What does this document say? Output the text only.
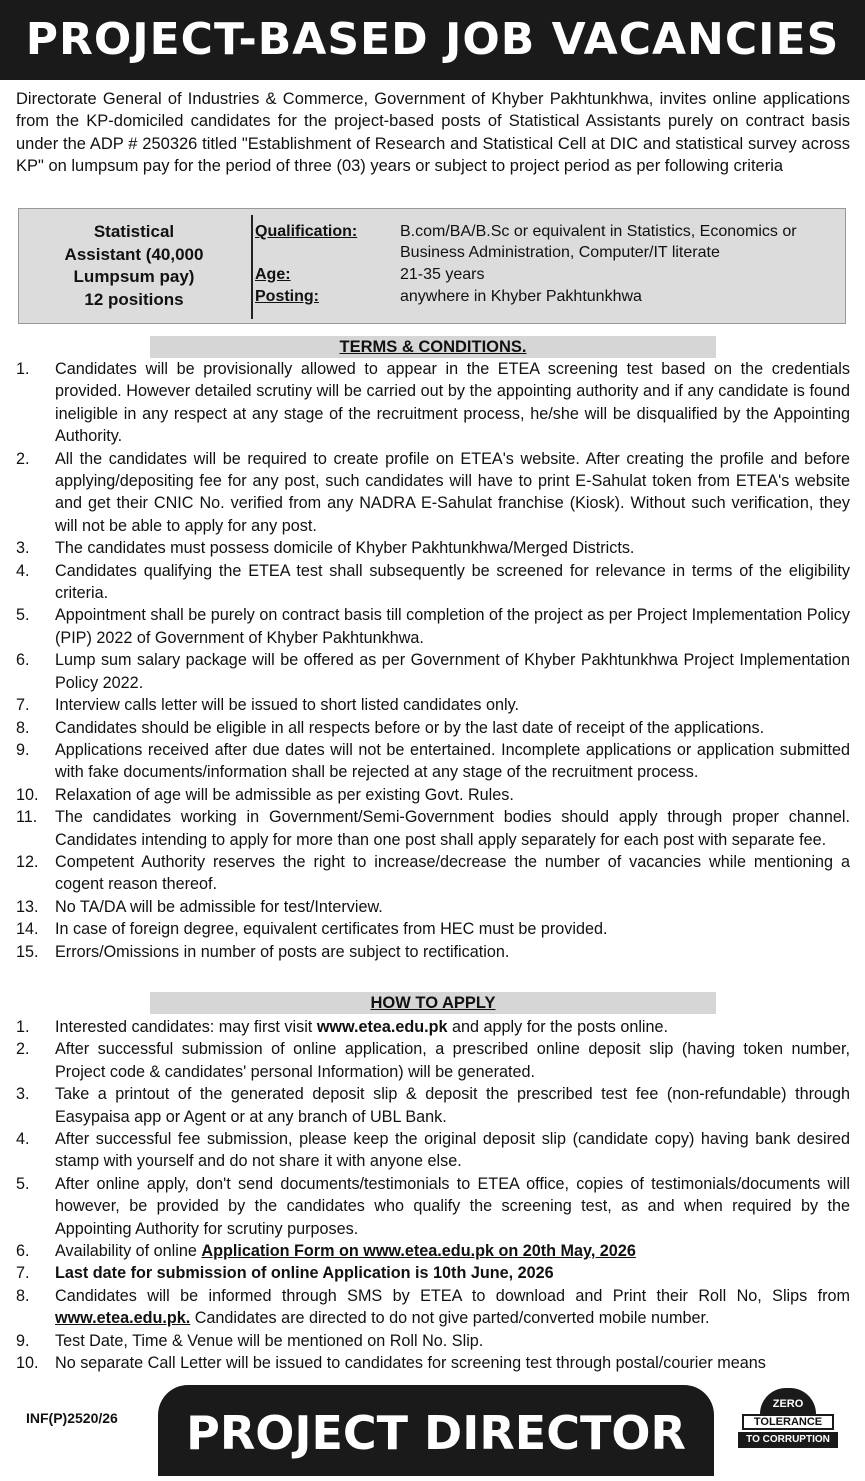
PROJECT-BASED JOB VACANCIES

Directorate General of Industries & Commerce, Government of Khyber Pakhtunkhwa, invites online applications from the KP-domiciled candidates for the project-based posts of Statistical Assistants purely on contract basis under the ADP # 250326 titled "Establishment of Research and Statistical Cell at DIC and statistical survey across KP" on lumpsum pay for the period of three (03) years or subject to project period as per following criteria

Statistical
Assistant (40,000
Lumpsum pay)
12 positions
Qualification:	B.com/BA/B.Sc or equivalent in Statistics, Economics or Business Administration, Computer/IT literate
Age:	21-35 years
Posting:	anywhere in Khyber Pakhtunkhwa
TERMS & CONDITIONS.
1. Candidates will be provisionally allowed to appear in the ETEA screening test based on the credentials provided. However detailed scrutiny will be carried out by the appointing authority and if any candidate is found ineligible in any respect at any stage of the recruitment process, he/she will be disqualified by the Appointing Authority.
2. All the candidates will be required to create profile on ETEA's website. After creating the profile and before applying/depositing fee for any post, such candidates will have to print E-Sahulat token from ETEA's website and get their CNIC No. verified from any NADRA E-Sahulat franchise (Kiosk). Without such verification, they will not be able to apply for any post.
3. The candidates must possess domicile of Khyber Pakhtunkhwa/Merged Districts.
4. Candidates qualifying the ETEA test shall subsequently be screened for relevance in terms of the eligibility criteria.
5. Appointment shall be purely on contract basis till completion of the project as per Project Implementation Policy (PIP) 2022 of Government of Khyber Pakhtunkhwa.
6. Lump sum salary package will be offered as per Government of Khyber Pakhtunkhwa Project Implementation Policy 2022.
7. Interview calls letter will be issued to short listed candidates only.
8. Candidates should be eligible in all respects before or by the last date of receipt of the applications.
9. Applications received after due dates will not be entertained. Incomplete applications or application submitted with fake documents/information shall be rejected at any stage of the recruitment process.
10. Relaxation of age will be admissible as per existing Govt. Rules.
11. The candidates working in Government/Semi-Government bodies should apply through proper channel. Candidates intending to apply for more than one post shall apply separately for each post with separate fee.
12. Competent Authority reserves the right to increase/decrease the number of vacancies while mentioning a cogent reason thereof.
13. No TA/DA will be admissible for test/Interview.
14. In case of foreign degree, equivalent certificates from HEC must be provided.
15. Errors/Omissions in number of posts are subject to rectification.
HOW TO APPLY
1. Interested candidates: may first visit www.etea.edu.pk and apply for the posts online.
2. After successful submission of online application, a prescribed online deposit slip (having token number, Project code & candidates' personal Information) will be generated.
3. Take a printout of the generated deposit slip & deposit the prescribed test fee (non-refundable) through Easypaisa app or Agent or at any branch of UBL Bank.
4. After successful fee submission, please keep the original deposit slip (candidate copy) having bank desired stamp with yourself and do not share it with anyone else.
5. After online apply, don't send documents/testimonials to ETEA office, copies of testimonials/documents will however, be provided by the candidates who qualify the screening test, as and when required by the Appointing Authority for scrutiny purposes.
6. Availability of online Application Form on www.etea.edu.pk on 20th May, 2026
7. Last date for submission of online Application is 10th June, 2026
8. Candidates will be informed through SMS by ETEA to download and Print their Roll No, Slips from www.etea.edu.pk. Candidates are directed to do not give parted/converted mobile number.
9. Test Date, Time & Venue will be mentioned on Roll No. Slip.
10. No separate Call Letter will be issued to candidates for screening test through postal/courier means
INF(P)2520/26	PROJECT DIRECTOR
ZERO
TOLERANCE
TO CORRUPTION
